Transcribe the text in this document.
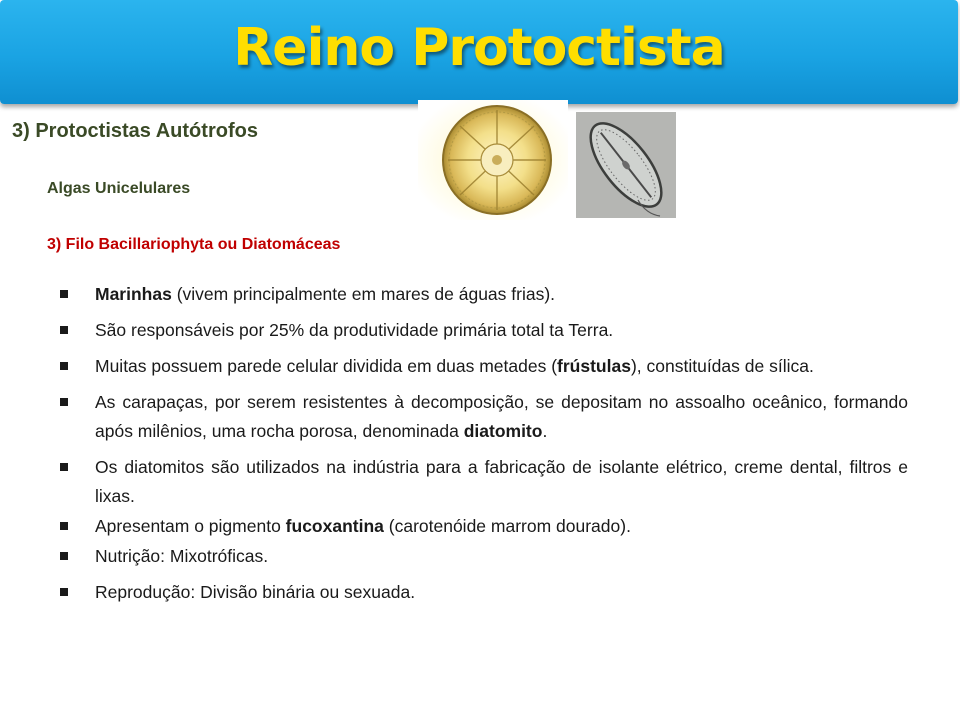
Reino Protoctista
3) Protoctistas Autótrofos
Algas Unicelulares
3) Filo Bacillariophyta ou Diatomáceas
Marinhas (vivem principalmente em mares de águas frias).
São responsáveis por 25% da produtividade primária total ta Terra.
Muitas possuem parede celular dividida em duas metades (frústulas), constituídas de sílica.
As carapaças, por serem resistentes à decomposição, se depositam no assoalho oceânico, formando após milênios, uma rocha porosa, denominada diatomito.
Os diatomitos são utilizados na indústria para a fabricação de isolante elétrico, creme dental, filtros e lixas.
Apresentam o pigmento fucoxantina (carotenóide marrom dourado).
Nutrição: Mixotróficas.
Reprodução: Divisão binária ou sexuada.
